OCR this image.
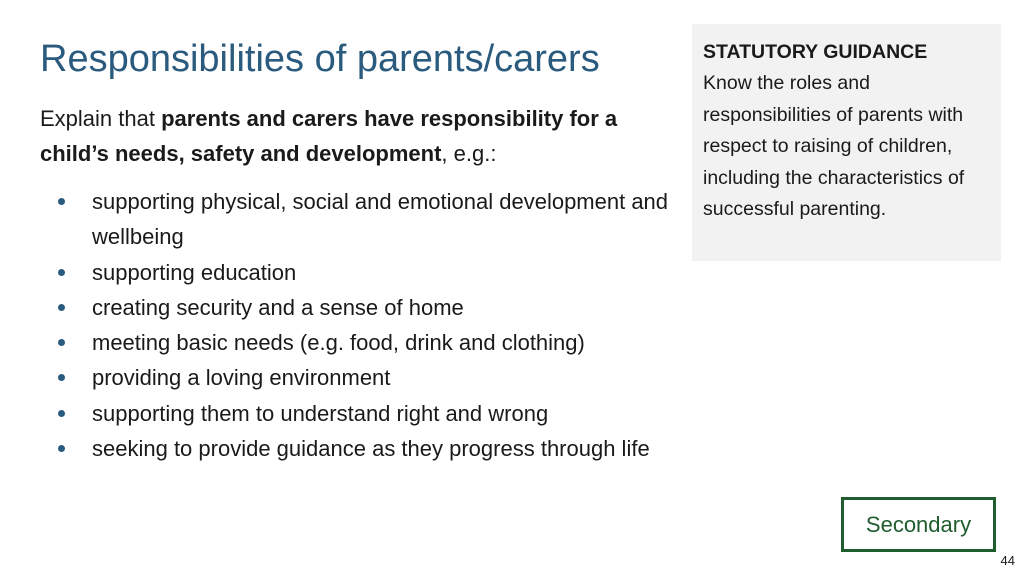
Responsibilities of parents/carers

Explain that parents and carers have responsibility for a child’s needs, safety and development, e.g.:

supporting physical, social and emotional development and wellbeing
supporting education
creating security and a sense of home
meeting basic needs (e.g. food, drink and clothing)
providing a loving environment
supporting them to understand right and wrong
seeking to provide guidance as they progress through life
STATUTORY GUIDANCE
Know the roles and responsibilities of parents with respect to raising of children, including the characteristics of successful parenting.
Secondary
44
